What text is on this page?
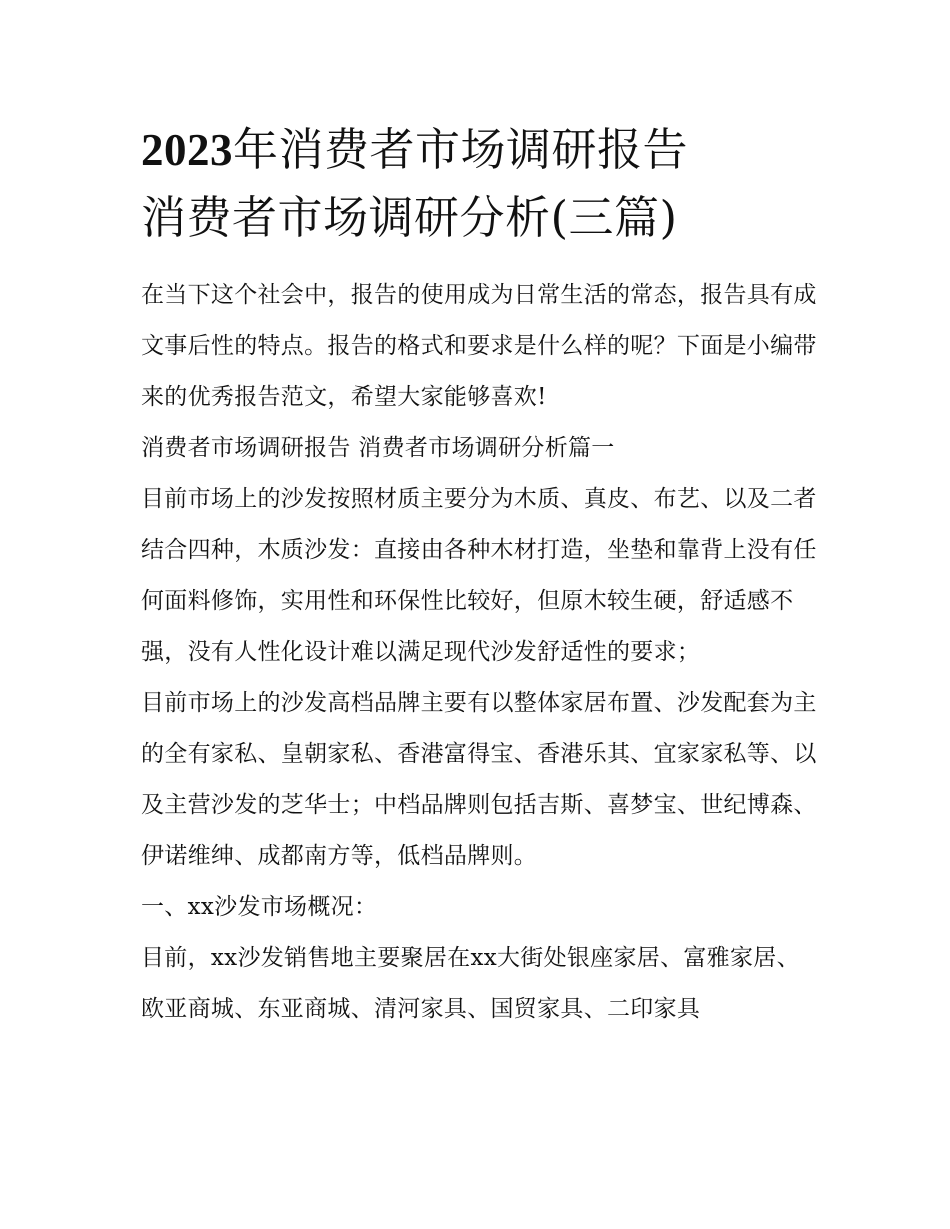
2023年消费者市场调研报告
消费者市场调研分析(三篇)

在当下这个社会中，报告的使用成为日常生活的常态，报告具有成文事后性的特点。报告的格式和要求是什么样的呢？下面是小编带来的优秀报告范文，希望大家能够喜欢!

消费者市场调研报告 消费者市场调研分析篇一

目前市场上的沙发按照材质主要分为木质、真皮、布艺、以及二者结合四种，木质沙发：直接由各种木材打造，坐垫和靠背上没有任何面料修饰，实用性和环保性比较好，但原木较生硬，舒适感不强，没有人性化设计难以满足现代沙发舒适性的要求；

目前市场上的沙发高档品牌主要有以整体家居布置、沙发配套为主的全有家私、皇朝家私、香港富得宝、香港乐其、宜家家私等、以及主营沙发的芝华士；中档品牌则包括吉斯、喜梦宝、世纪博森、伊诺维绅、成都南方等，低档品牌则。

一、xx沙发市场概况：

目前，xx沙发销售地主要聚居在xx大街处银座家居、富雅家居、欧亚商城、东亚商城、清河家具、国贸家具、二印家具
